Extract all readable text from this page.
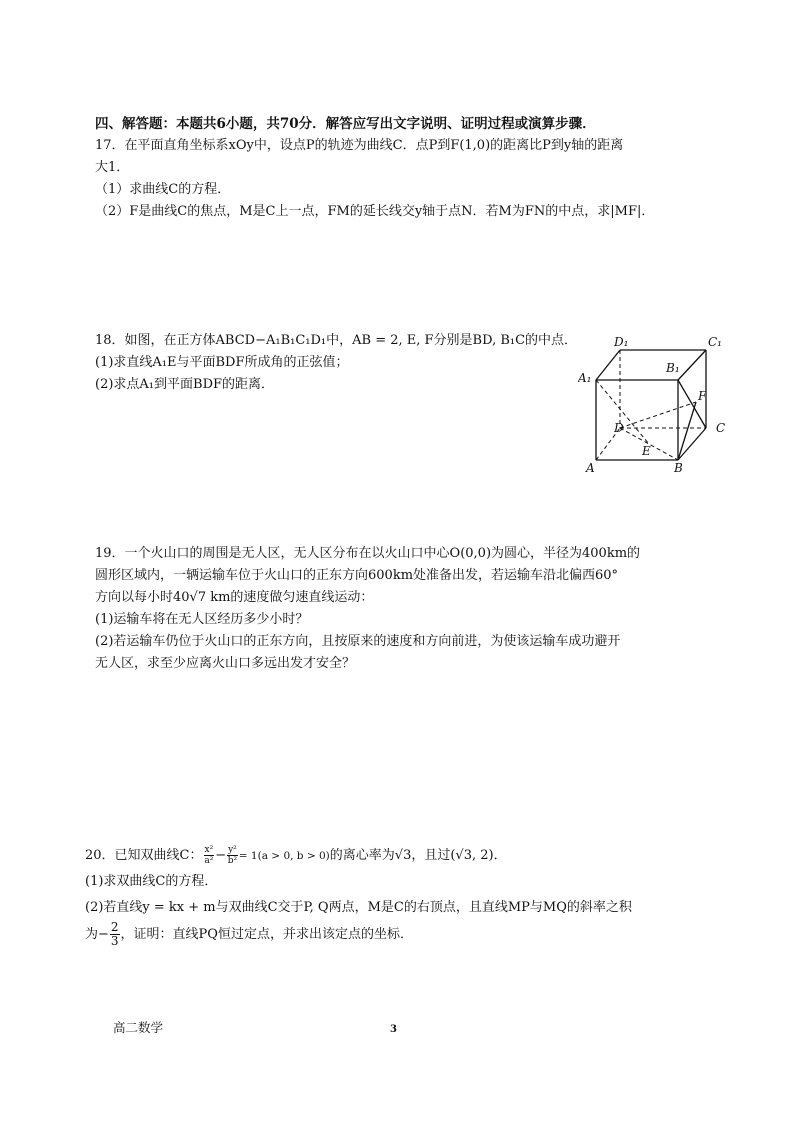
四、解答题：本题共6小题，共70分．解答应写出文字说明、证明过程或演算步骤．
17．在平面直角坐标系xOy中，设点P的轨迹为曲线C．点P到F(1,0)的距离比P到y轴的距离
大1．
（1）求曲线C的方程．
（2）F是曲线C的焦点，M是C上一点，FM的延长线交y轴于点N．若M为FN的中点，求|MF|．
18．如图，在正方体ABCD−A₁B₁C₁D₁中，AB = 2, E, F分别是BD, B₁C的中点．
(1)求直线A₁E与平面BDF所成角的正弦值；
(2)求点A₁到平面BDF的距离．
D₁	C₁
B₁
A₁
F
D	C
E
A	B
19．一个火山口的周围是无人区，无人区分布在以火山口中心O(0,0)为圆心，半径为400km的
圆形区域内，一辆运输车位于火山口的正东方向600km处准备出发，若运输车沿北偏西60°
方向以每小时40√7 km的速度做匀速直线运动：
(1)运输车将在无人区经历多少小时？
(2)若运输车仍位于火山口的正东方向，且按原来的速度和方向前进，为使该运输车成功避开
无人区，求至少应离火山口多远出发才安全？
20．已知双曲线C： $\frac{\text{x²}}{\text{a²}} - \frac{\text{y²}}{\text{b²}} = 1(a > 0$, b > 0)的离心率为√3，且过(√3, 2)．
(1)求双曲线C的方程．
(2)若直线y = kx + m与双曲线C交于P, Q两点，M是C的右顶点，且直线MP与MQ的斜率之积
为− $\frac{2}{3}$ ，证明：直线PQ恒过定点，并求出该定点的坐标．
高二数学	3
